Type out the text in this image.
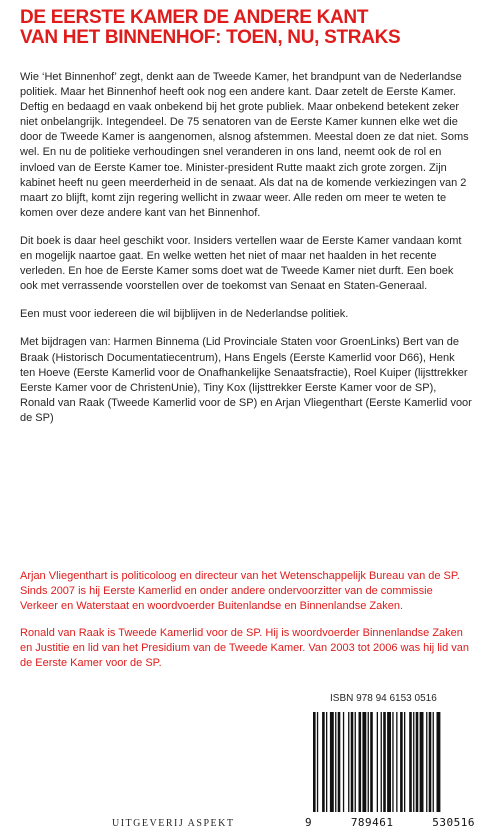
DE EERSTE KAMER DE ANDERE KANT
VAN HET BINNENHOF: TOEN, NU, STRAKS

Wie ‘Het Binnenhof’ zegt, denkt aan de Tweede Kamer, het brandpunt van de Nederlandse politiek. Maar het Binnenhof heeft ook nog een andere kant. Daar zetelt de Eerste Kamer. Deftig en bedaagd en vaak onbekend bij het grote publiek. Maar onbekend betekent zeker niet onbelangrijk. Integendeel. De 75 senatoren van de Eerste Kamer kunnen elke wet die door de Tweede Kamer is aangenomen, alsnog afstemmen. Meestal doen ze dat niet. Soms wel. En nu de politieke verhoudingen snel veranderen in ons land, neemt ook de rol en invloed van de Eerste Kamer toe. Minister-president Rutte maakt zich grote zorgen. Zijn kabinet heeft nu geen meerderheid in de senaat. Als dat na de komende verkiezingen van 2 maart zo blijft, komt zijn regering wellicht in zwaar weer. Alle reden om meer te weten te komen over deze andere kant van het Binnenhof.

Dit boek is daar heel geschikt voor. Insiders vertellen waar de Eerste Kamer vandaan komt en mogelijk naartoe gaat. En welke wetten het niet of maar net haalden in het recente verleden. En hoe de Eerste Kamer soms doet wat de Tweede Kamer niet durft. Een boek ook met verrassende voorstellen over de toekomst van Senaat en Staten-Generaal.

Een must voor iedereen die wil bijblijven in de Nederlandse politiek.

Met bijdragen van: Harmen Binnema (Lid Provinciale Staten voor GroenLinks) Bert van de Braak (Historisch Documentatiecentrum), Hans Engels (Eerste Kamerlid voor D66), Henk ten Hoeve (Eerste Kamerlid voor de Onafhankelijke Senaatsfractie), Roel Kuiper (lijsttrekker Eerste Kamer voor de ChristenUnie), Tiny Kox (lijsttrekker Eerste Kamer voor de SP), Ronald van Raak (Tweede Kamerlid voor de SP) en Arjan Vliegenthart (Eerste Kamerlid voor de SP)

Arjan Vliegenthart is politicoloog en directeur van het Wetenschappelijk Bureau van de SP. Sinds 2007 is hij Eerste Kamerlid en onder andere ondervoorzitter van de commissie Verkeer en Waterstaat en woordvoerder Buitenlandse en Binnenlandse Zaken.

Ronald van Raak is Tweede Kamerlid voor de SP. Hij is woordvoerder Binnenlandse Zaken en Justitie en lid van het Presidium van de Tweede Kamer. Van 2003 tot 2006 was hij lid van de Eerste Kamer voor de SP.

ISBN 978 94 6153 0516
9	789461	530516
UITGEVERIJ ASPEKT
